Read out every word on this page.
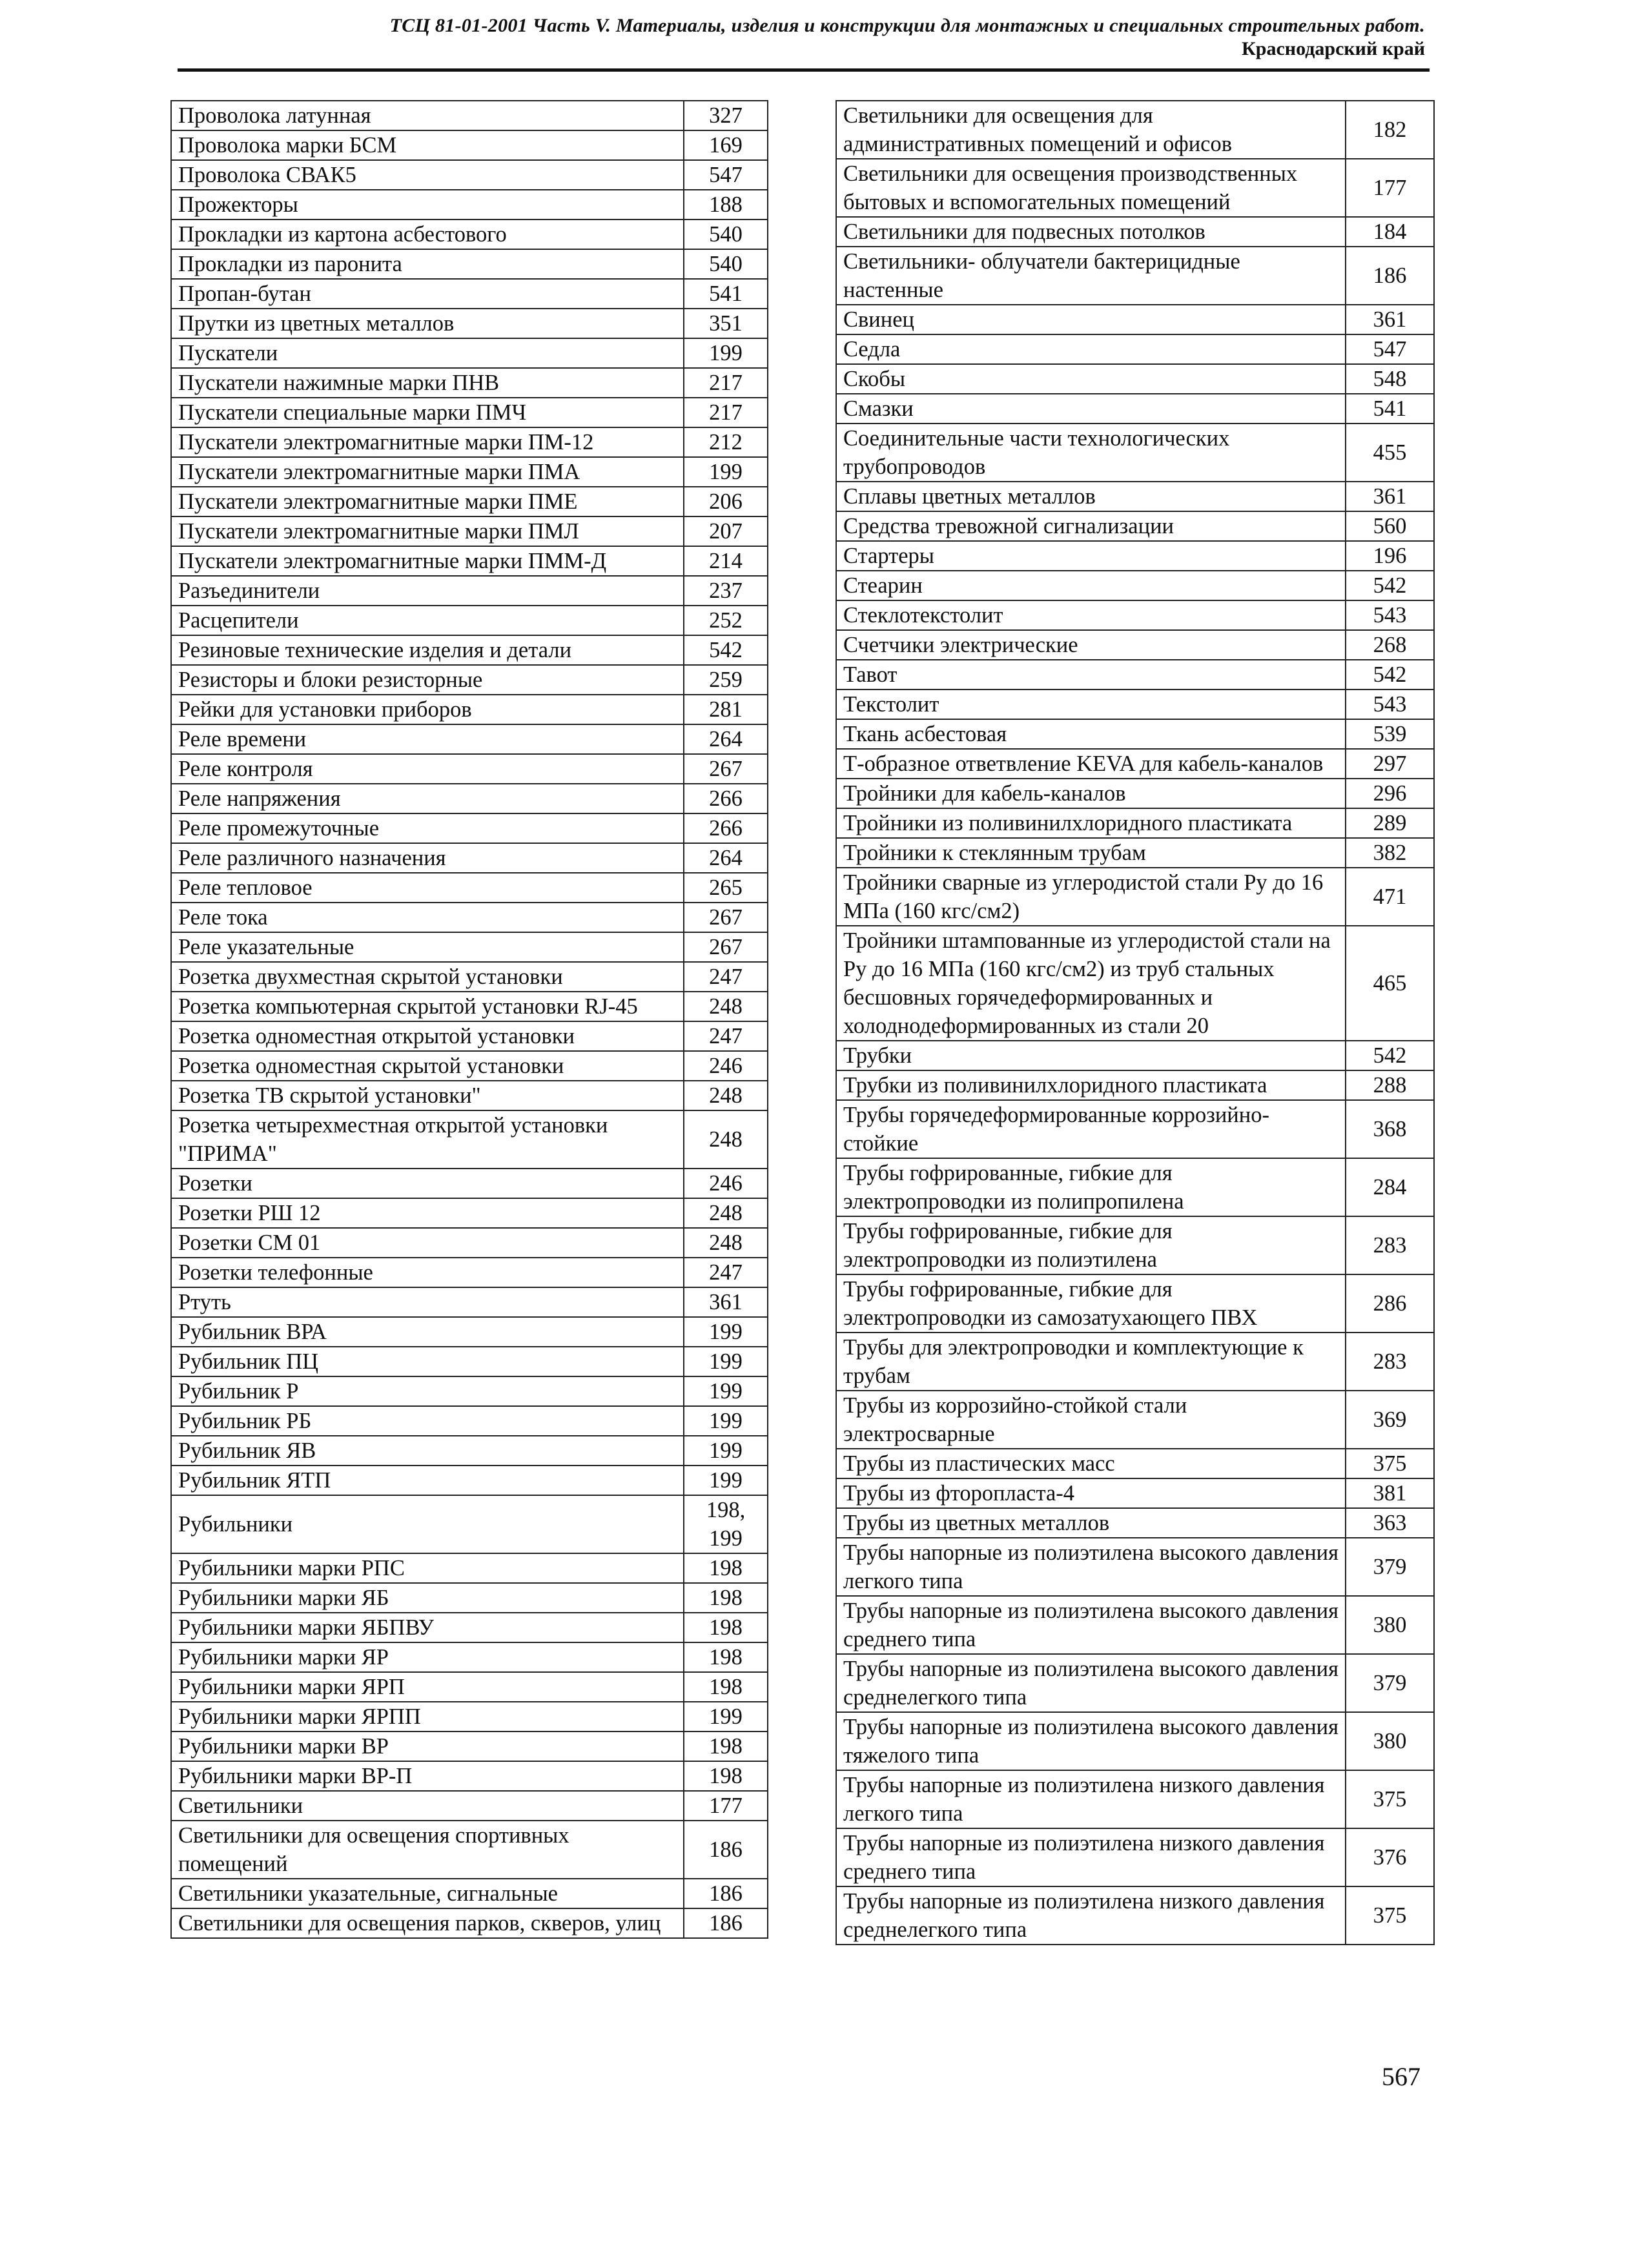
ТСЦ 81-01-2001 Часть V. Материалы, изделия и конструкции для монтажных и специальных строительных работ.
Краснодарский край
Проволока латунная	327
Проволока марки БСМ	169
Проволока СВАК5	547
Прожекторы	188
Прокладки из картона асбестового	540
Прокладки из паронита	540
Пропан-бутан	541
Прутки из цветных металлов	351
Пускатели	199
Пускатели нажимные марки ПНВ	217
Пускатели специальные марки ПМЧ	217
Пускатели электромагнитные марки ПМ-12	212
Пускатели электромагнитные марки ПМА	199
Пускатели электромагнитные марки ПМЕ	206
Пускатели электромагнитные марки ПМЛ	207
Пускатели электромагнитные марки ПММ-Д	214
Разъединители	237
Расцепители	252
Резиновые технические изделия и детали	542
Резисторы и блоки резисторные	259
Рейки для установки приборов	281
Реле времени	264
Реле контроля	267
Реле напряжения	266
Реле промежуточные	266
Реле различного назначения	264
Реле тепловое	265
Реле тока	267
Реле указательные	267
Розетка двухместная скрытой установки	247
Розетка компьютерная скрытой установки RJ-45	248
Розетка одноместная открытой установки	247
Розетка одноместная скрытой установки	246
Розетка ТВ скрытой установки"	248
Розетка четырехместная открытой установки "ПРИМА"	248
Розетки	246
Розетки РШ 12	248
Розетки СМ 01	248
Розетки телефонные	247
Ртуть	361
Рубильник ВРА	199
Рубильник ПЦ	199
Рубильник Р	199
Рубильник РБ	199
Рубильник ЯВ	199
Рубильник ЯТП	199
Рубильники	198, 199
Рубильники марки РПС	198
Рубильники марки ЯБ	198
Рубильники марки ЯБПВУ	198
Рубильники марки ЯР	198
Рубильники марки ЯРП	198
Рубильники марки ЯРПП	199
Рубильники марки ВР	198
Рубильники марки ВР-П	198
Светильники	177
Светильники для освещения спортивных помещений	186
Светильники указательные, сигнальные	186
Светильники для освещения парков, скверов, улиц	186
Светильники для освещения для административных помещений и офисов	182
Светильники для освещения производственных бытовых и вспомогательных помещений	177
Светильники для подвесных потолков	184
Светильники- облучатели бактерицидные настенные	186
Свинец	361
Седла	547
Скобы	548
Смазки	541
Соединительные части технологических трубопроводов	455
Сплавы цветных металлов	361
Средства тревожной сигнализации	560
Стартеры	196
Стеарин	542
Стеклотекстолит	543
Счетчики электрические	268
Тавот	542
Текстолит	543
Ткань асбестовая	539
Т-образное ответвление KEVA для кабель-каналов	297
Тройники для кабель-каналов	296
Тройники из поливинилхлоридного пластиката	289
Тройники к стеклянным трубам	382
Тройники сварные из углеродистой стали Ру до 16 МПа (160 кгс/см2)	471
Тройники штампованные из углеродистой стали на Ру до 16 МПа (160 кгс/см2) из труб стальных бесшовных горячедеформированных и холоднодеформированных из стали 20	465
Трубки	542
Трубки из поливинилхлоридного пластиката	288
Трубы горячедеформированные коррозийно-стойкие	368
Трубы гофрированные, гибкие для электропроводки из полипропилена	284
Трубы гофрированные, гибкие для электропроводки из полиэтилена	283
Трубы гофрированные, гибкие для электропроводки из самозатухающего ПВХ	286
Трубы для электропроводки и комплектующие к трубам	283
Трубы из коррозийно-стойкой стали электросварные	369
Трубы из пластических масс	375
Трубы из фторопласта-4	381
Трубы из цветных металлов	363
Трубы напорные из полиэтилена высокого давления легкого типа	379
Трубы напорные из полиэтилена высокого давления среднего типа	380
Трубы напорные из полиэтилена высокого давления среднелегкого типа	379
Трубы напорные из полиэтилена высокого давления тяжелого типа	380
Трубы напорные из полиэтилена низкого давления легкого типа	375
Трубы напорные из полиэтилена низкого давления среднего типа	376
Трубы напорные из полиэтилена низкого давления среднелегкого типа	375
567
